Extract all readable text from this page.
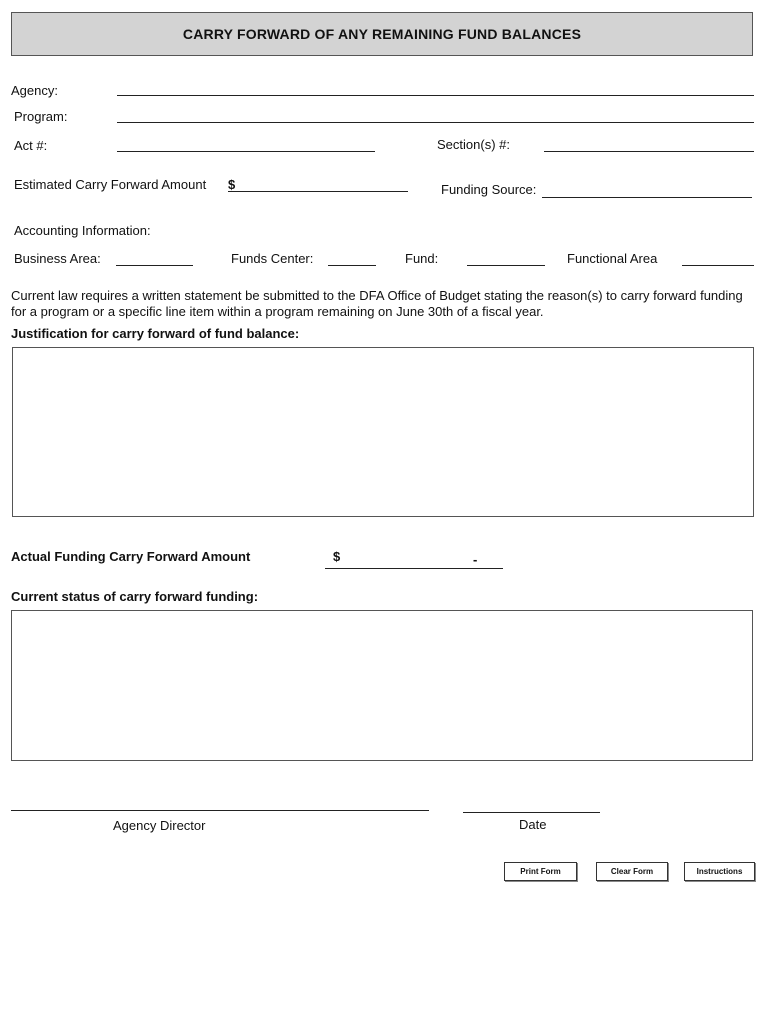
CARRY FORWARD OF ANY REMAINING FUND BALANCES
Agency:
Program:
Act #:	Section(s) #:
Estimated Carry Forward Amount $	Funding Source:
Accounting Information:
Business Area:	Funds Center:	Fund:	Functional Area
Current law requires a written statement be submitted to the DFA Office of Budget stating the reason(s) to carry forward funding for a program or a specific line item within a program remaining on June 30th of a fiscal year.
Justification for carry forward of fund balance:
Actual Funding Carry Forward Amount	$	-
Current status of carry forward funding:
Agency Director	Date
Print Form	Clear Form	Instructions
